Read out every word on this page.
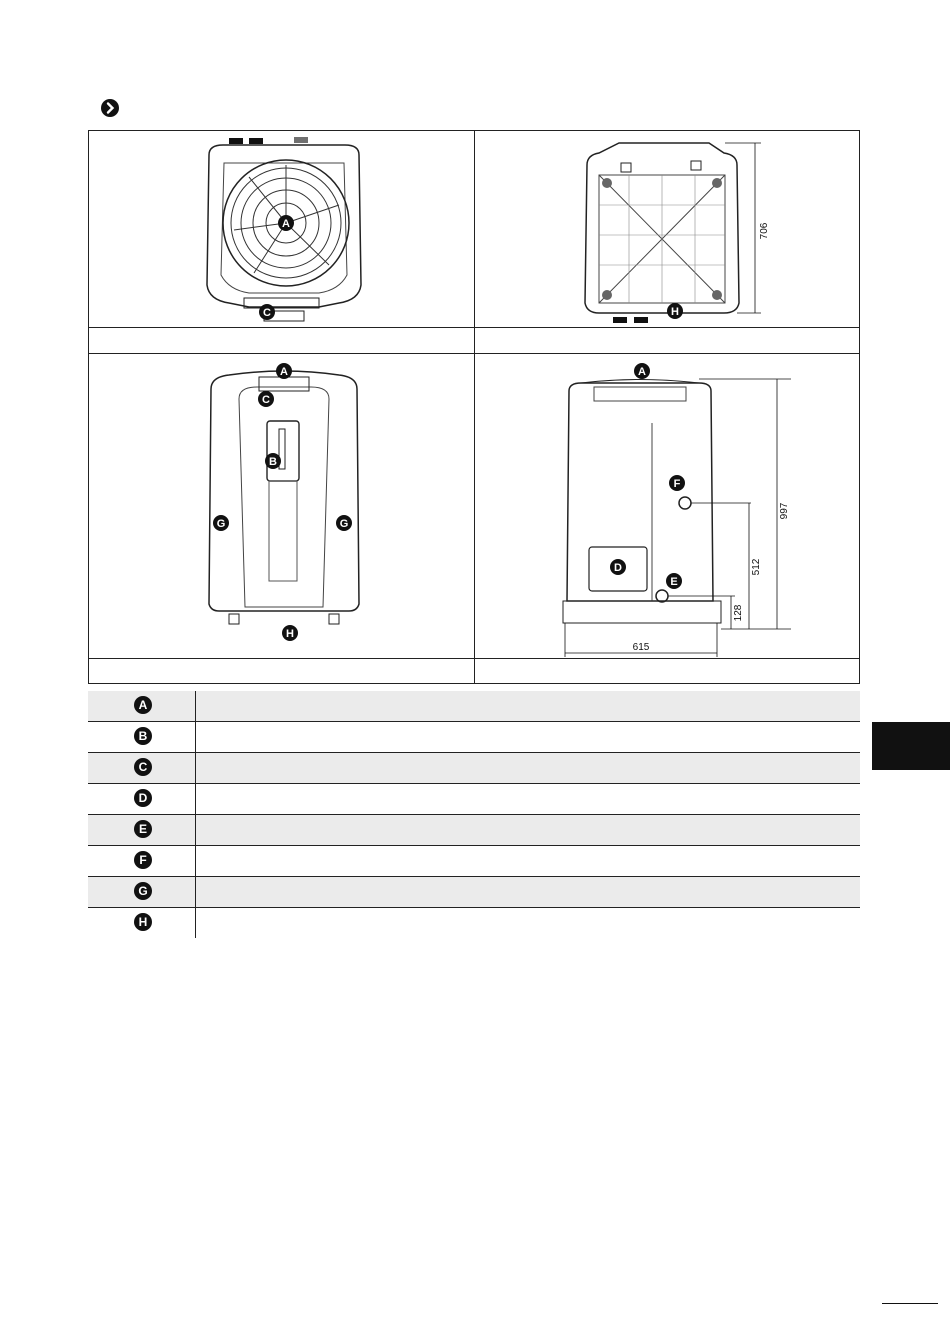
A
C
706
H
A
C
B
G	G
H
997
512
128
615
A
F
D
E
A
B
C
D
E
F
G
H
